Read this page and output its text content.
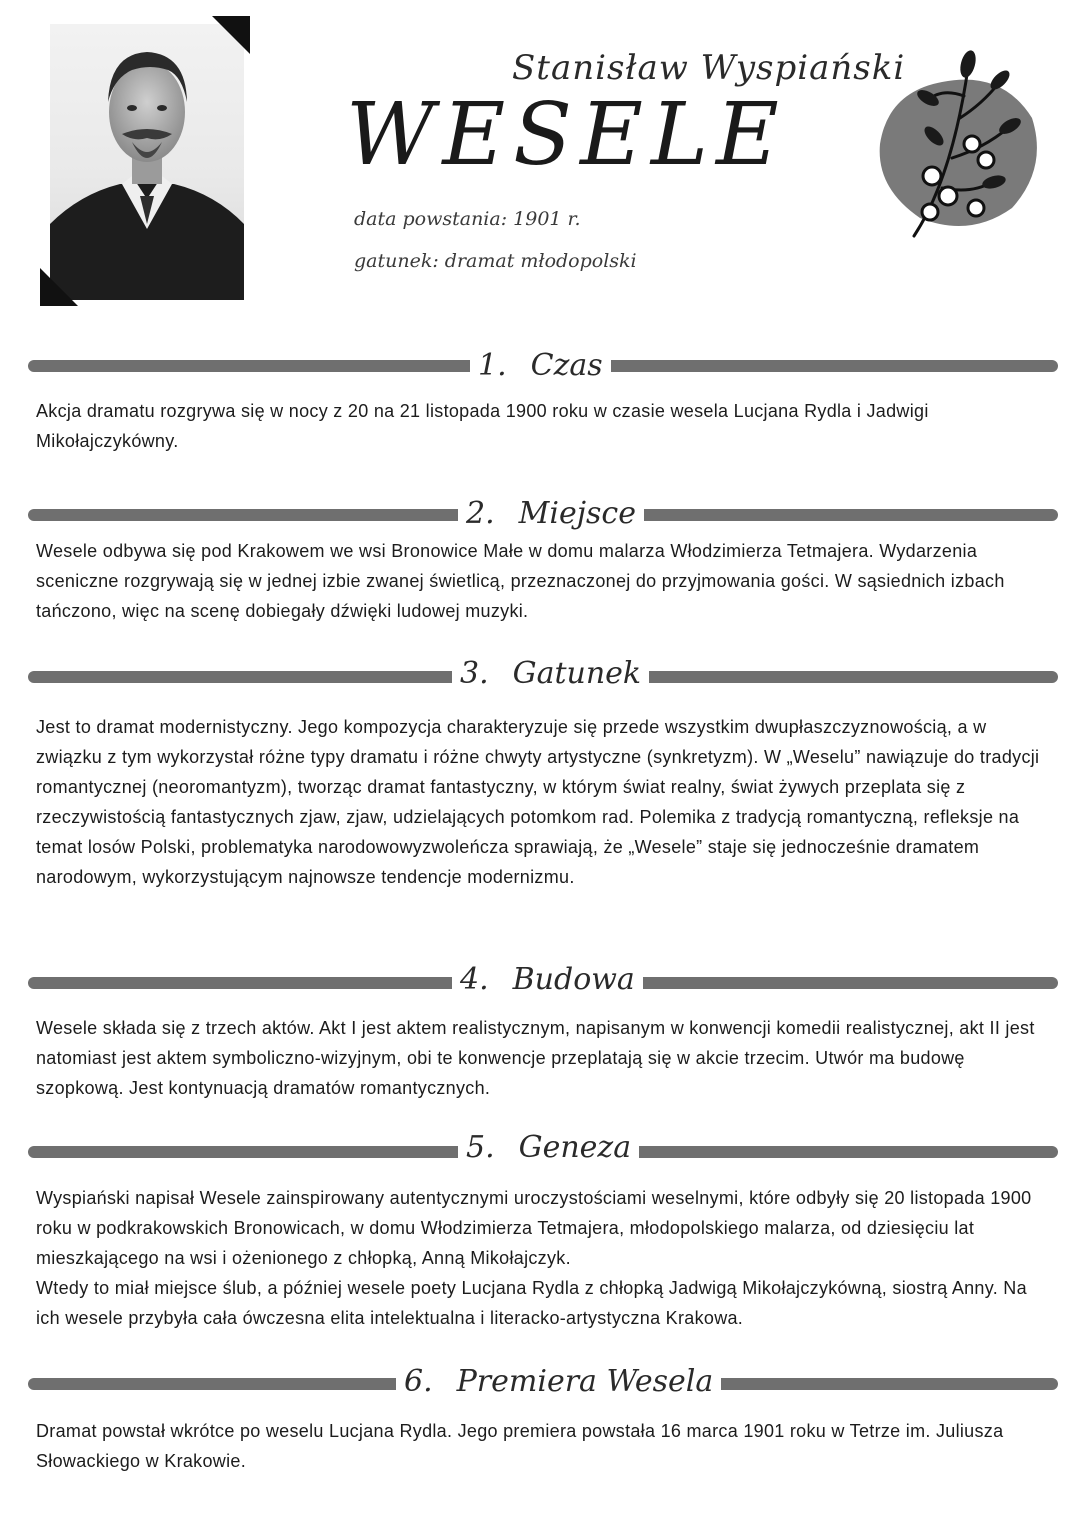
Stanisław Wyspiański
WESELE
data powstania: 1901 r.
gatunek: dramat młodopolski
1. Czas

Akcja dramatu rozgrywa się w nocy z 20 na 21 listopada 1900 roku w czasie wesela Lucjana Rydla i Jadwigi Mikołajczykówny.

2. Miejsce

Wesele odbywa się pod Krakowem we wsi Bronowice Małe w domu malarza Włodzimierza Tetmajera. Wydarzenia sceniczne rozgrywają się w jednej izbie zwanej świetlicą, przeznaczonej do przyjmowania gości. W sąsiednich izbach tańczono, więc na scenę dobiegały dźwięki ludowej muzyki.

3. Gatunek

Jest to dramat modernistyczny. Jego kompozycja charakteryzuje się przede wszystkim dwupłaszczyznowością, a w związku z tym wykorzystał różne typy dramatu i różne chwyty artystyczne (synkretyzm). W „Weselu” nawiązuje do tradycji romantycznej (neoromantyzm), tworząc dramat fantastyczny, w którym świat realny, świat żywych przeplata się z rzeczywistością fantastycznych zjaw, zjaw, udzielających potomkom rad. Polemika z tradycją romantyczną, refleksje na temat losów Polski, problematyka narodowowyzwoleńcza sprawiają, że „Wesele” staje się jednocześnie dramatem narodowym, wykorzystującym najnowsze tendencje modernizmu.

4. Budowa

Wesele składa się z trzech aktów. Akt I jest aktem realistycznym, napisanym w konwencji komedii realistycznej, akt II jest natomiast jest aktem symboliczno-wizyjnym, obi te konwencje przeplatają się w akcie trzecim. Utwór ma budowę szopkową. Jest kontynuacją dramatów romantycznych.

5. Geneza

Wyspiański napisał Wesele zainspirowany autentycznymi uroczystościami weselnymi, które odbyły się 20 listopada 1900 roku w podkrakowskich Bronowicach, w domu Włodzimierza Tetmajera, młodopolskiego malarza, od dziesięciu lat mieszkającego na wsi i ożenionego z chłopką, Anną Mikołajczyk.

Wtedy to miał miejsce ślub, a później wesele poety Lucjana Rydla z chłopką Jadwigą Mikołajczykówną, siostrą Anny. Na ich wesele przybyła cała ówczesna elita intelektualna i literacko-artystyczna Krakowa.

6. Premiera Wesela

Dramat powstał wkrótce po weselu Lucjana Rydla. Jego premiera powstała 16 marca 1901 roku w Tetrze im. Juliusza Słowackiego w Krakowie.
